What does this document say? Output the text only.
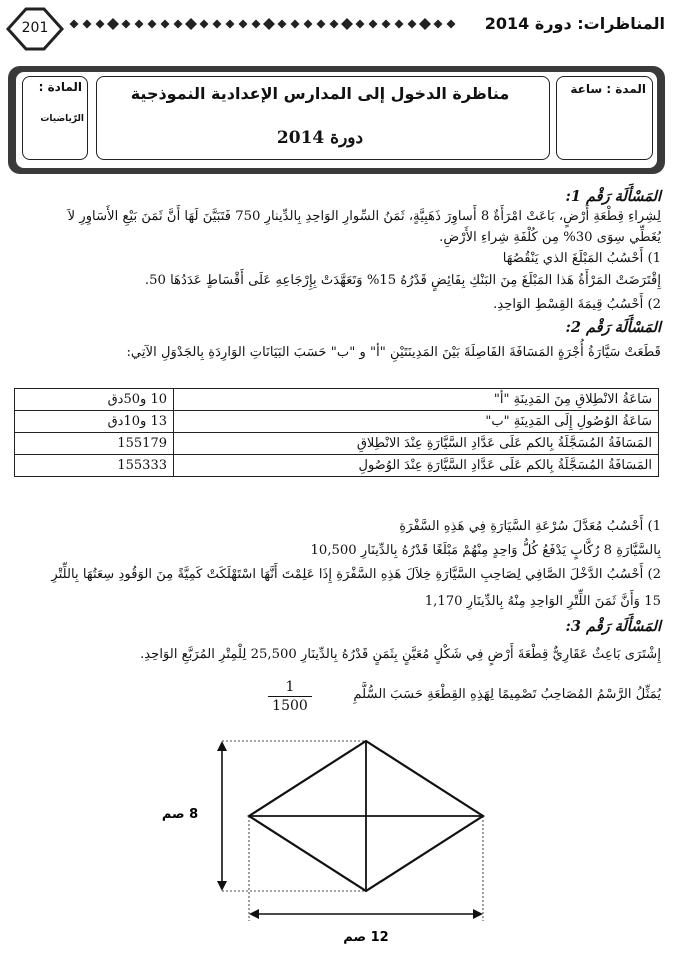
201	المناظرات: دورة 2014
المادة :
الرّياضيات
مناظرة الدخول إلى المدارس الإعدادية النموذجية
دورة 2014
المدة : ساعة
المَسْأَلَة رَقْم 1:
لِشِراءِ قِطْعَةِ أَرْضٍ، بَاعَتْ امْرَأَةٌ 8 أَساوِرَ ذَهَبِيَّةٍ، ثَمَنُ السِّوارِ الوَاحِدِ بِالدِّينارِ 750 فَتَبَيَّنَ لَهَا أَنَّ ثَمَنَ بَيْعِ الأَسَاوِرِ لاَ
يُغَطِّي سِوَى 30% مِن كُلْفَةِ شِراءِ الأَرْضِ.
1) أَحْسُبُ المَبْلَغَ الذي يَنْقُصُهَا
إِقْتَرَضَتْ المَرْأَةُ هَذا المَبْلَغَ مِنَ البَنْكِ بِفَائِضٍ قَدْرُهُ 15% وَتَعَهَّدَتْ بِإِرْجَاعِهِ عَلَى أَقْسَاطٍ عَدَدُهَا 50.
2) أَحْسُبُ قِيمَةَ القِسْطِ الوَاحِدِ.
المَسْأَلَة رَقْم 2:
قَطَعَتْ سَيَّارَةُ أُجْرَةٍ المَسَافَةَ الفَاصِلَةَ بَيْنَ المَدِينَتَيْنِ "أ" و "ب" حَسَبَ البَيَانَاتِ الوَارِدَةِ بِالجَدْوَلِ الآتِي:
سَاعَةُ الانْطِلاقِ مِنَ المَدِينَةِ "أ"	10 و50دق
سَاعَةُ الوُصُولِ إِلَى المَدِينَةِ "ب"	13 و10دق
المَسَافَةُ المُسَجَّلَةُ بِالكم عَلَى عَدَّادِ السَّيَّارَةِ عِنْدَ الانْطِلاقِ	155179
المَسَافَةُ المُسَجَّلَةُ بِالكم عَلَى عَدَّادِ السَّيَّارَةِ عِنْدَ الوُصُولِ	155333
1) أَحْسُبُ مُعَدَّلَ سُرْعَةِ السَّيَارَةِ فِي هَذِهِ السَّفْرَةِ
بِالسَّيَّارَةِ 8 رُكَّابٍ يَدْفَعُ كُلُّ وَاحِدٍ مِنْهُمْ مَبْلَغًا قَدْرُهُ بِالدِّينَارِ 10,500
2) أَحْسُبُ الدَّخْلَ الصَّافِي لِصَاحِبِ السَّيَّارَةِ خِلاَلَ هَذِهِ السَّفْرَةِ إِذَا عَلِمْتَ أَنَّهَا اسْتَهْلَكَتْ كَمِيَّةً مِنَ الوَقُودِ سِعَتُهَا بِاللِّتْرِ
15 وَأَنَّ ثَمَنَ اللِّتْرِ الوَاحِدِ مِنْهُ بِالدِّينَارِ 1,170
المَسْأَلَة رَقْم 3:
إِشْتَرَى بَاعِثٌ عَقَارِيٌّ قِطْعَةَ أَرْضٍ فِي شَكْلٍ مُعَيَّنٍ بِثَمَنٍ قَدْرُهُ بِالدِّينَارِ 25,500 لِلْمِتْرِ المُرَبَّعِ الوَاحِدِ.
يُمَثِّلُ الرَّسْمُ المُصَاحِبُ تَصْمِيمًا لِهَذِهِ القِطْعَةِ حَسَبَ السُّلَّمِ
$\frac{1}{1500}$
8 صم
12 صم
